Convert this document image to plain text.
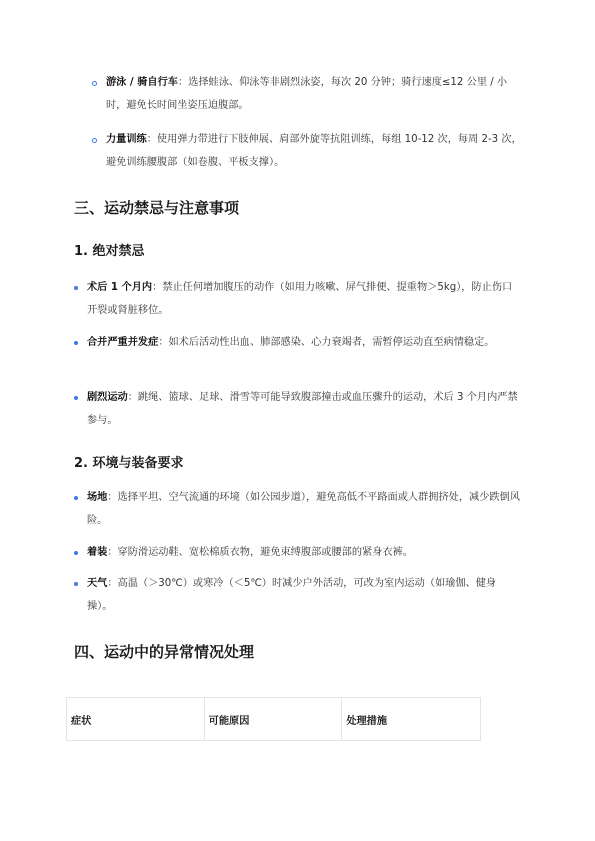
游泳 / 骑自行车：选择蛙泳、仰泳等非剧烈泳姿，每次 20 分钟；骑行速度≤12 公里 / 小时，避免长时间坐姿压迫腹部。
力量训练：使用弹力带进行下肢伸展、肩部外旋等抗阻训练，每组 10-12 次，每周 2-3 次，避免训练腰腹部（如卷腹、平板支撑）。
三、运动禁忌与注意事项
1. 绝对禁忌
术后 1 个月内：禁止任何增加腹压的动作（如用力咳嗽、屏气排便、提重物＞5kg），防止伤口开裂或肾脏移位。
合并严重并发症：如术后活动性出血、肺部感染、心力衰竭者，需暂停运动直至病情稳定。
剧烈运动：跳绳、篮球、足球、滑雪等可能导致腹部撞击或血压骤升的运动，术后 3 个月内严禁参与。
2. 环境与装备要求
场地：选择平坦、空气流通的环境（如公园步道），避免高低不平路面或人群拥挤处，减少跌倒风险。
着装：穿防滑运动鞋、宽松棉质衣物，避免束缚腹部或腰部的紧身衣裤。
天气：高温（＞30℃）或寒冷（＜5℃）时减少户外活动，可改为室内运动（如瑜伽、健身操）。
四、运动中的异常情况处理
症状	可能原因	处理措施
